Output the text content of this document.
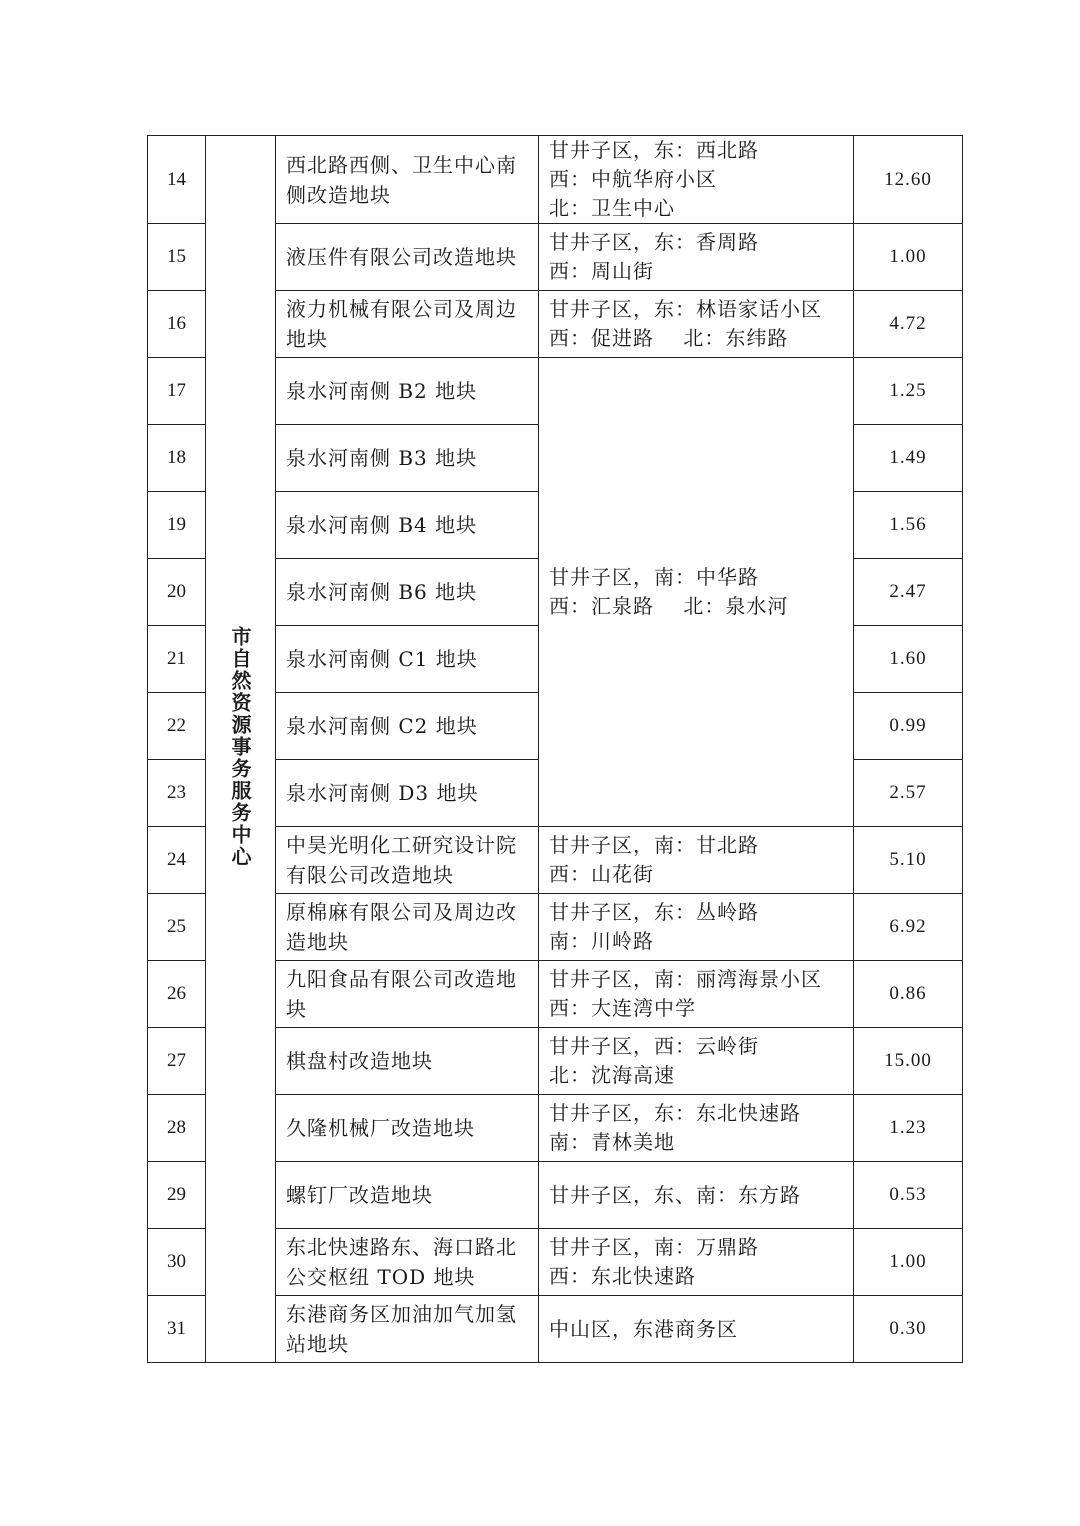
14	市自然资源事务服务中心	西北路西侧、卫生中心南侧改造地块	甘井子区，东：西北路
西：中航华府小区
北：卫生中心	12.60
15		液压件有限公司改造地块	甘井子区，东：香周路
西：周山街	1.00
16		液力机械有限公司及周边地块	甘井子区，东：林语家话小区
西：促进路    北：东纬路	4.72
17		泉水河南侧 B2 地块	甘井子区，南：中华路
西：汇泉路    北：泉水河	1.25
18		泉水河南侧 B3 地块		1.49
19		泉水河南侧 B4 地块		1.56
20		泉水河南侧 B6 地块		2.47
21		泉水河南侧 C1 地块		1.60
22		泉水河南侧 C2 地块		0.99
23		泉水河南侧 D3 地块		2.57
24		中昊光明化工研究设计院有限公司改造地块	甘井子区，南：甘北路
西：山花街	5.10
25		原棉麻有限公司及周边改造地块	甘井子区，东：丛岭路
南：川岭路	6.92
26		九阳食品有限公司改造地块	甘井子区，南：丽湾海景小区
西：大连湾中学	0.86
27		棋盘村改造地块	甘井子区，西：云岭街
北：沈海高速	15.00
28		久隆机械厂改造地块	甘井子区，东：东北快速路
南：青林美地	1.23
29		螺钉厂改造地块	甘井子区，东、南：东方路	0.53
30		东北快速路东、海口路北公交枢纽 TOD 地块	甘井子区，南：万鼎路
西：东北快速路	1.00
31		东港商务区加油加气加氢站地块	中山区，东港商务区	0.30
